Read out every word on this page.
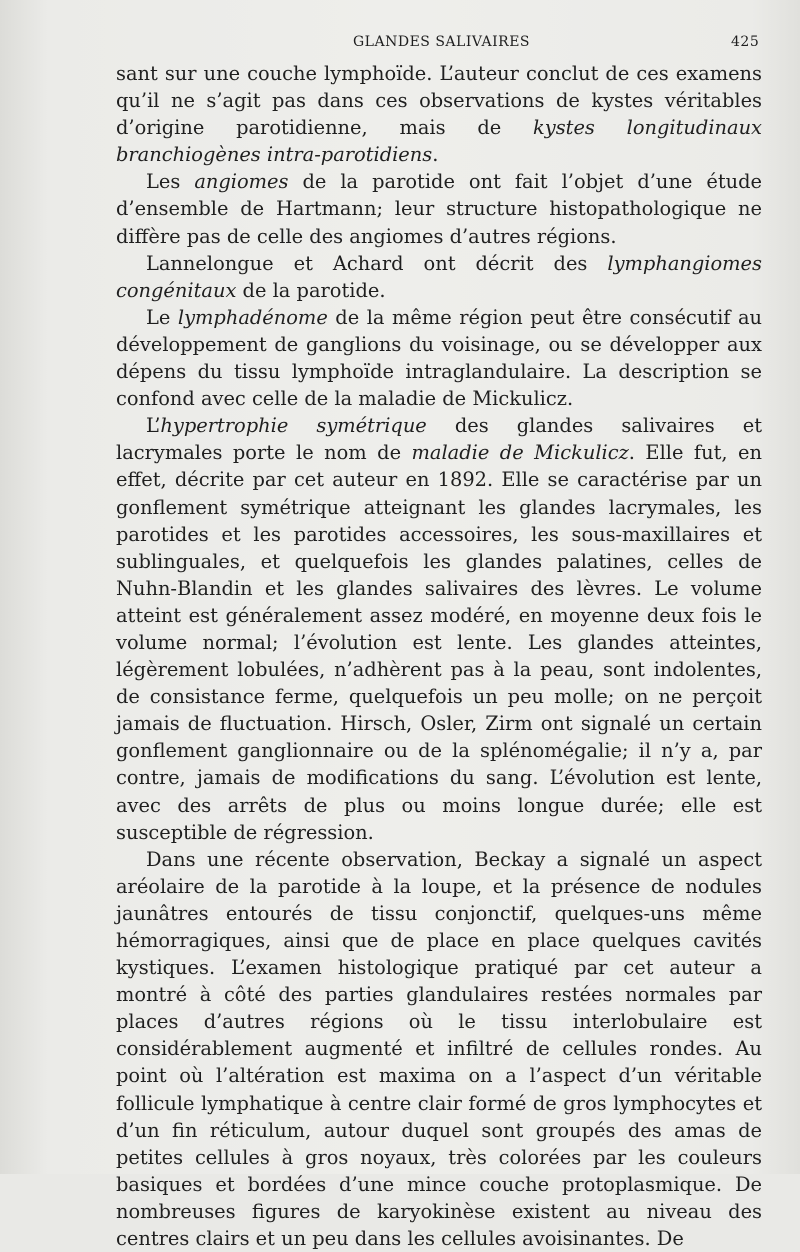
GLANDES SALIVAIRES	425

sant sur une couche lymphoïde. L’auteur conclut de ces examens qu’il ne s’agit pas dans ces observations de kystes véritables d’origine parotidienne, mais de kystes longitudinaux branchiogènes intra-parotidiens.

Les angiomes de la parotide ont fait l’objet d’une étude d’ensemble de Hartmann; leur structure histopathologique ne diffère pas de celle des angiomes d’autres régions.

Lannelongue et Achard ont décrit des lymphangiomes congénitaux de la parotide.

Le lymphadénome de la même région peut être consécutif au développement de ganglions du voisinage, ou se développer aux dépens du tissu lymphoïde intraglandulaire. La description se confond avec celle de la maladie de Mickulicz.

L’hypertrophie symétrique des glandes salivaires et lacrymales porte le nom de maladie de Mickulicz. Elle fut, en effet, décrite par cet auteur en 1892. Elle se caractérise par un gonflement symétrique atteignant les glandes lacrymales, les parotides et les parotides accessoires, les sous-maxillaires et sublinguales, et quelquefois les glandes palatines, celles de Nuhn-Blandin et les glandes salivaires des lèvres. Le volume atteint est généralement assez modéré, en moyenne deux fois le volume normal; l’évolution est lente. Les glandes atteintes, légèrement lobulées, n’adhèrent pas à la peau, sont indolentes, de consistance ferme, quelquefois un peu molle; on ne perçoit jamais de fluctuation. Hirsch, Osler, Zirm ont signalé un certain gonflement ganglionnaire ou de la splénomégalie; il n’y a, par contre, jamais de modifications du sang. L’évolution est lente, avec des arrêts de plus ou moins longue durée; elle est susceptible de régression.

Dans une récente observation, Beckay a signalé un aspect aréolaire de la parotide à la loupe, et la présence de nodules jaunâtres entourés de tissu conjonctif, quelques-uns même hémorragiques, ainsi que de place en place quelques cavités kystiques. L’examen histologique pratiqué par cet auteur a montré à côté des parties glandulaires restées normales par places d’autres régions où le tissu interlobulaire est considérablement augmenté et infiltré de cellules rondes. Au point où l’altération est maxima on a l’aspect d’un véritable follicule lymphatique à centre clair formé de gros lymphocytes et d’un fin réticulum, autour duquel sont groupés des amas de petites cellules à gros noyaux, très colorées par les couleurs basiques et bordées d’une mince couche protoplasmique. De nombreuses figures de karyokinèse existent au niveau des centres clairs et un peu dans les cellules avoisinantes. De
